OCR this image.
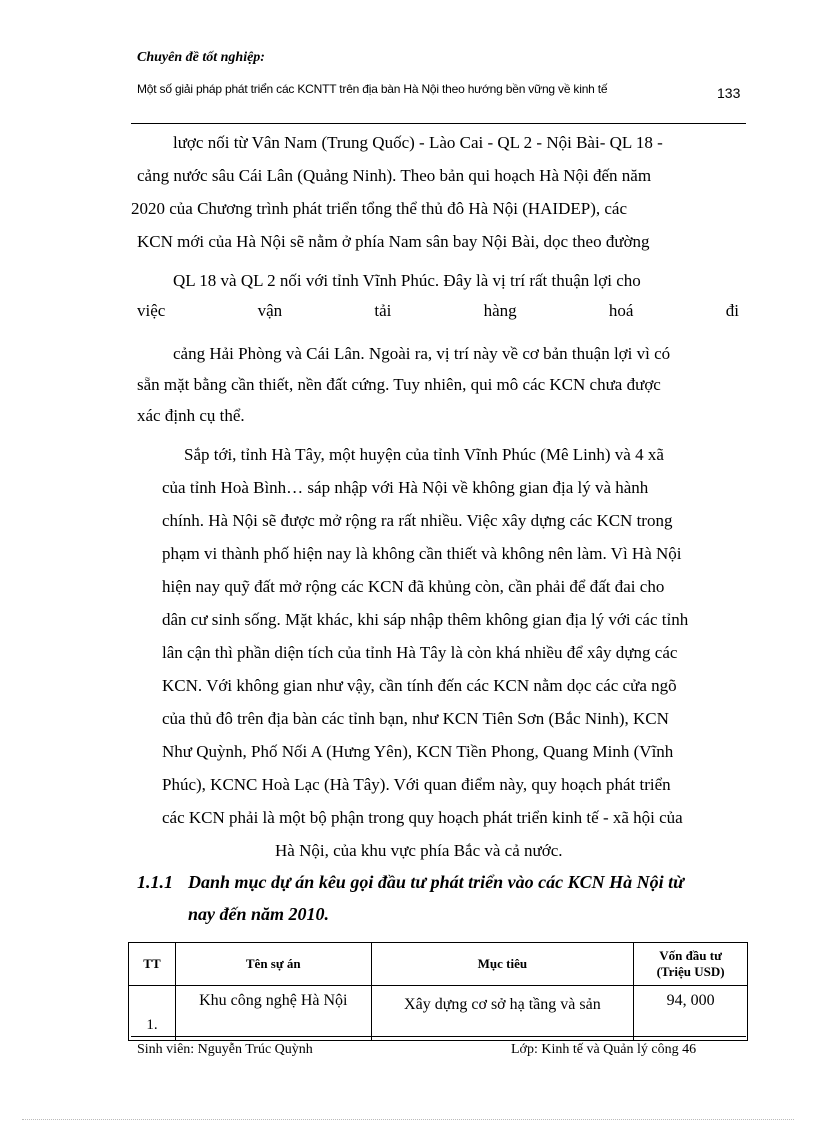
Chuyên đề tốt nghiệp:
Một số giải pháp phát triển các KCNTT trên địa bàn Hà Nội theo hướng bền vững về kinh tế	133
lược nối từ Vân Nam (Trung Quốc) - Lào Cai - QL 2 - Nội Bài- QL 18 -
cảng nước sâu Cái Lân (Quảng Ninh). Theo bản qui hoạch Hà Nội đến năm
2020 của Chương trình phát triển tổng thể thủ đô Hà Nội (HAIDEP), các
KCN mới của Hà Nội sẽ nằm ở phía Nam sân bay Nội Bài, dọc theo đường
QL 18 và QL 2 nối với tỉnh Vĩnh Phúc. Đây là vị trí rất thuận lợi cho
việc	vận	tải	hàng	hoá	đi
cảng Hải Phòng và Cái Lân. Ngoài ra, vị trí này về cơ bản thuận lợi vì có
sẵn mặt bằng cần thiết, nền đất cứng. Tuy nhiên, qui mô các KCN chưa được
xác định cụ thể.
Sắp tới, tỉnh Hà Tây, một huyện của tỉnh Vĩnh Phúc (Mê Linh) và 4 xã
của tỉnh Hoà Bình… sáp nhập với Hà Nội về không gian địa lý và hành
chính. Hà Nội sẽ được mở rộng ra rất nhiều. Việc xây dựng các KCN trong
phạm vi thành phố hiện nay là không cần thiết và không nên làm. Vì Hà Nội
hiện nay quỹ đất mở rộng các KCN đã khủng còn, cần phải để đất đai cho
dân cư sinh sống. Mặt khác, khi sáp nhập thêm không gian địa lý với các tỉnh
lân cận thì phần diện tích của tỉnh Hà Tây là còn khá nhiều để xây dựng các
KCN. Với không gian như vậy, cần tính đến các KCN nằm dọc các cửa ngõ
của thủ đô trên địa bàn các tỉnh bạn, như KCN Tiên Sơn (Bắc Ninh), KCN
Như Quỳnh, Phố Nối A (Hưng Yên), KCN Tiền Phong, Quang Minh (Vĩnh
Phúc), KCNC Hoà Lạc (Hà Tây). Với quan điểm này, quy hoạch phát triển
các KCN phải là một bộ phận trong quy hoạch phát triển kinh tế - xã hội của
Hà Nội, của khu vực phía Bắc và cả nước.
1.1.1 Danh mục dự án kêu gọi đầu tư phát triển vào các KCN Hà Nội từ
nay đến năm 2010.
TT	Tên sự án	Mục tiêu	Vốn đầu tư
(Triệu USD)

1.	Khu công nghệ Hà Nội	Xây dựng cơ sở hạ tầng và sản	94, 000
Sinh viên: Nguyễn Trúc Quỳnh	Lớp: Kinh tế và Quản lý công 46
